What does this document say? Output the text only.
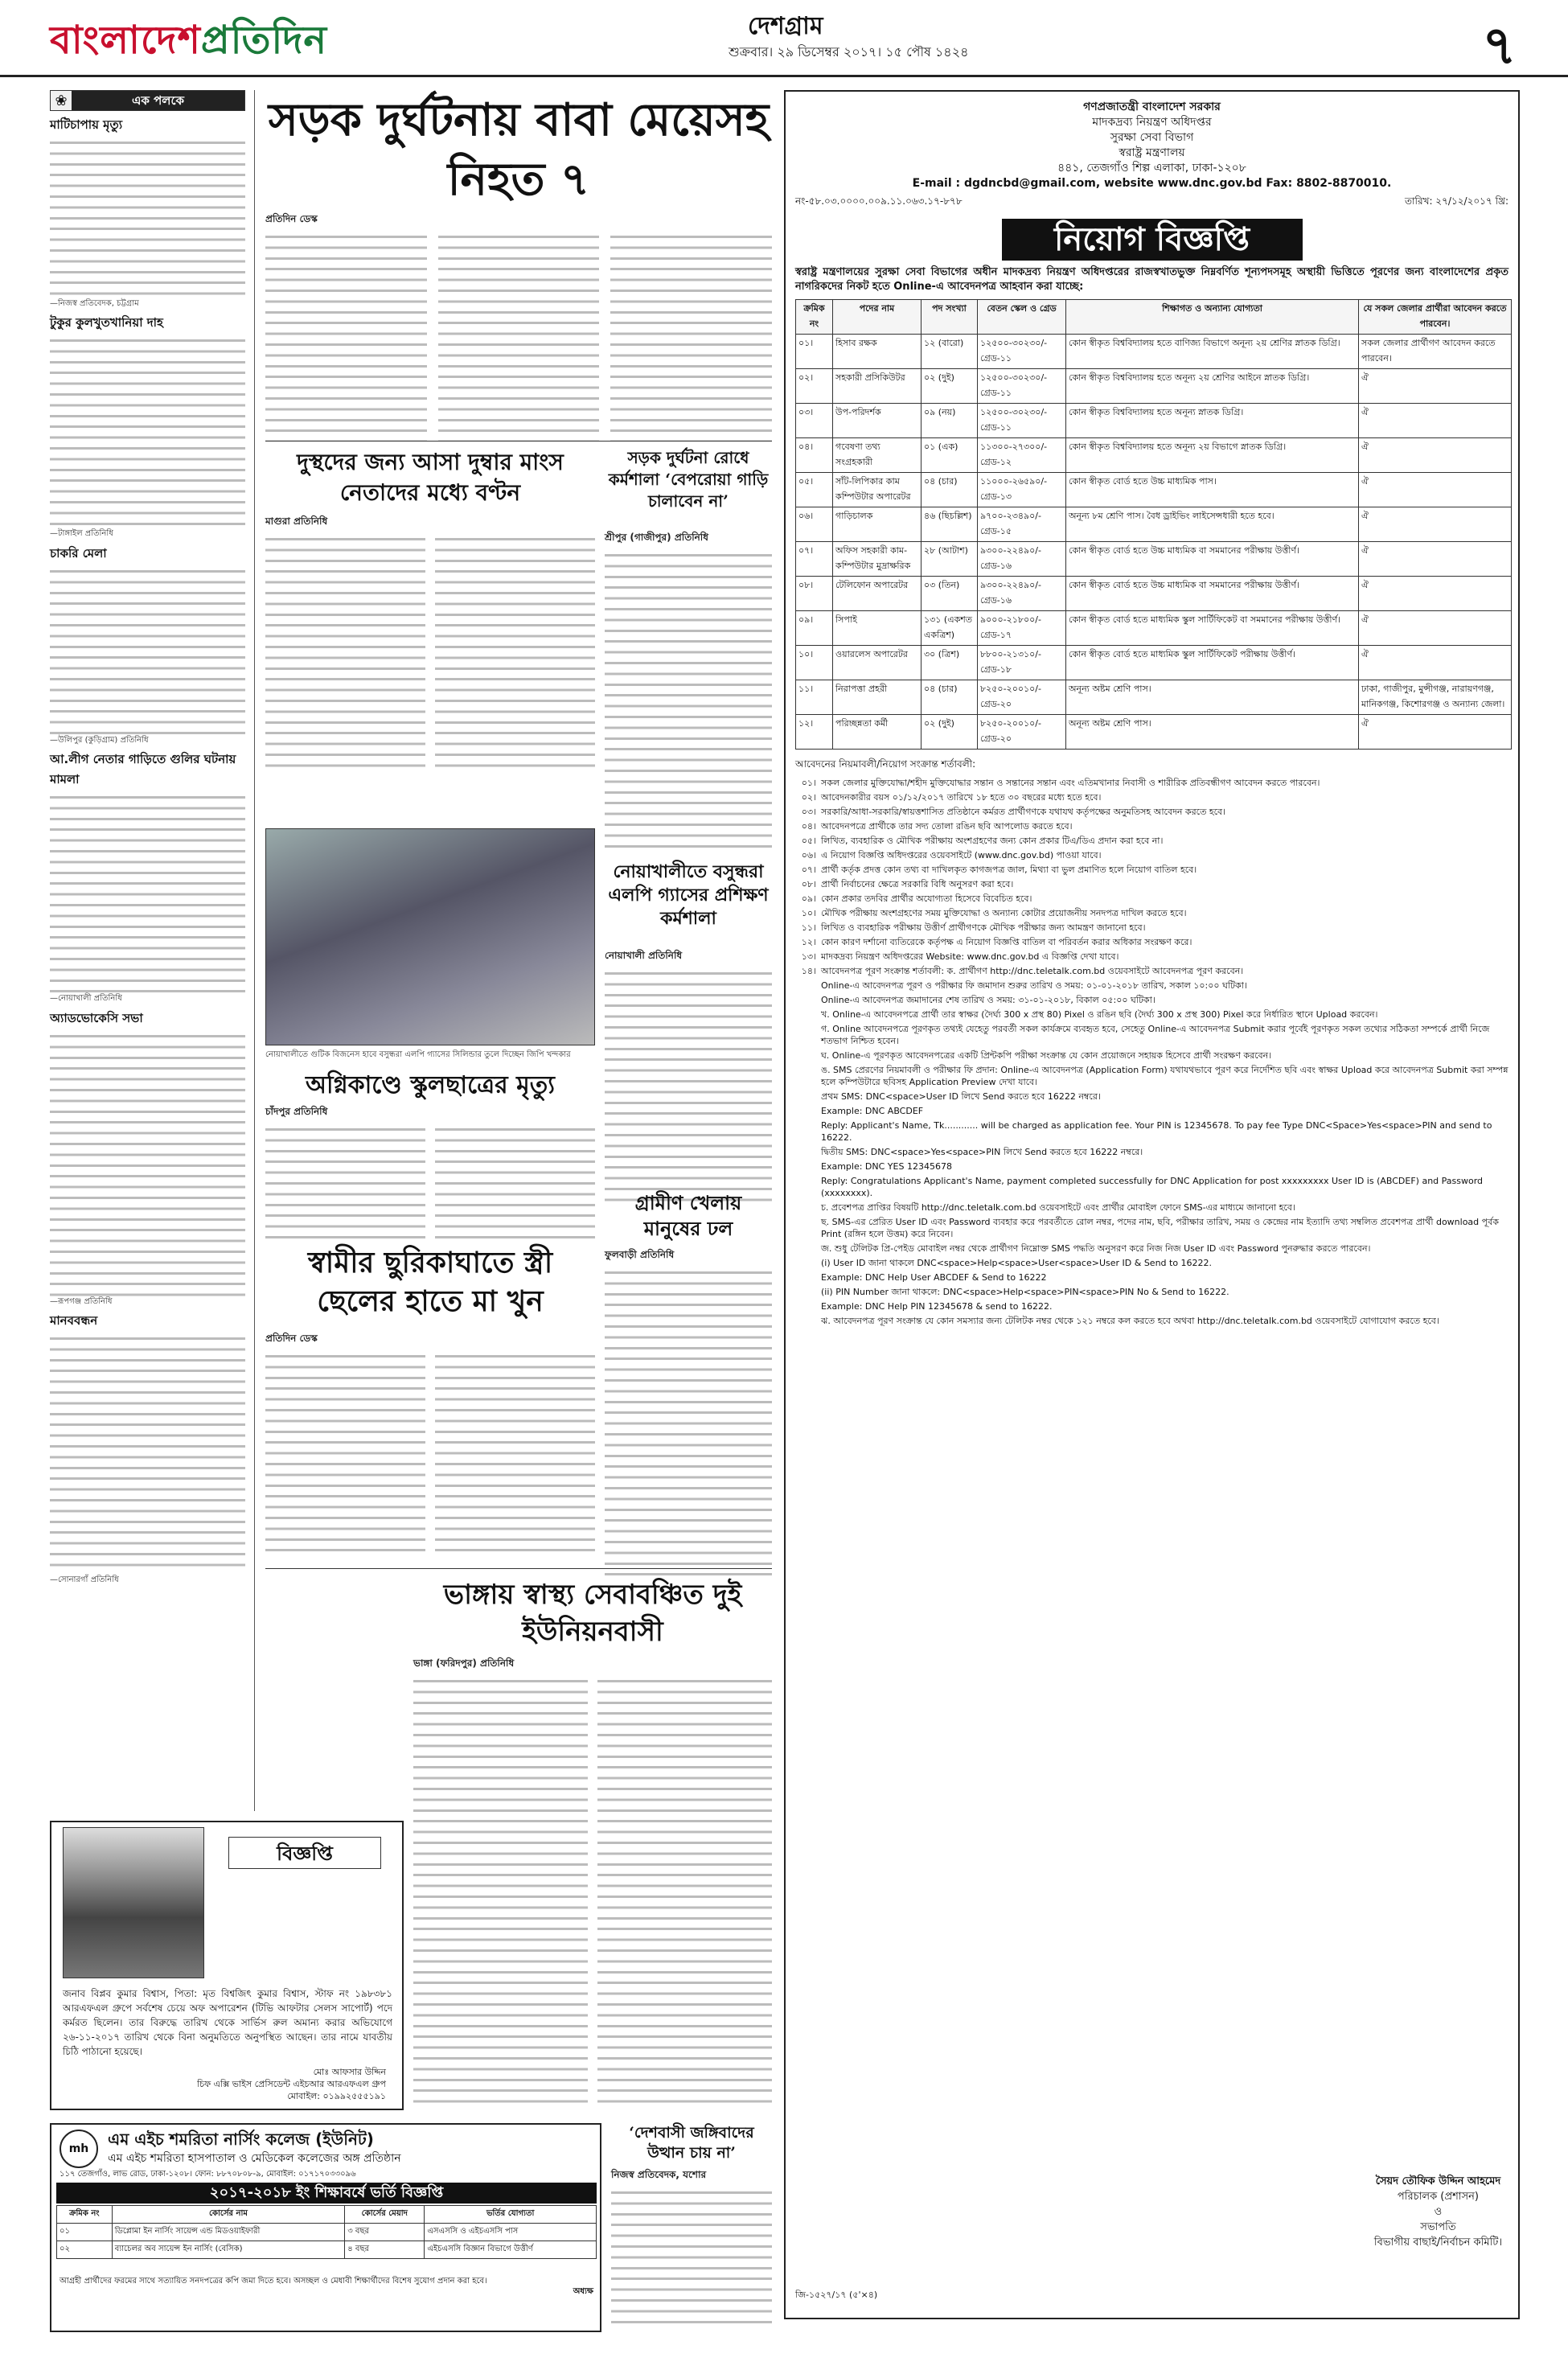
বাংলাদেশপ্রতিদিন	দেশগ্রাম
শুক্রবার। ২৯ ডিসেম্বর ২০১৭। ১৫ পৌষ ১৪২৪	৭
❀	এক পলকে
মাটিচাপায় মৃত্যু

—নিজস্ব প্রতিবেদক, চট্টগ্রাম

টুকুর কুলখুতখানিয়া দাহ

—টাঙ্গাইল প্রতিনিধি

চাকরি মেলা

—উলিপুর (কুড়িগ্রাম) প্রতিনিধি

আ.লীগ নেতার গাড়িতে গুলির ঘটনায় মামলা

—নোয়াখালী প্রতিনিধি

অ্যাডভোকেসি সভা

—রূপগঞ্জ প্রতিনিধি

মানববন্ধন

—সোনারগাঁ প্রতিনিধি

সড়ক দুর্ঘটনায় বাবা মেয়েসহ নিহত ৭
প্রতিদিন ডেস্ক
দুস্থদের জন্য আসা দুম্বার মাংস নেতাদের মধ্যে বণ্টন
মাগুরা প্রতিনিধি
সড়ক দুর্ঘটনা রোধে কর্মশালা ‘বেপরোয়া গাড়ি চালাবেন না’
শ্রীপুর (গাজীপুর) প্রতিনিধি
নোয়াখালীতে গুটিক বিজনেস হাবে বসুন্ধরা এলপি গ্যাসের সিলিন্ডার তুলে দিচ্ছেন জিপি খন্দকার
নোয়াখালীতে বসুন্ধরা এলপি গ্যাসের প্রশিক্ষণ কর্মশালা
নোয়াখালী প্রতিনিধি
অগ্নিকাণ্ডে স্কুলছাত্রের মৃত্যু
চাঁদপুর প্রতিনিধি
গ্রামীণ খেলায় মানুষের ঢল
ফুলবাড়ী প্রতিনিধি
স্বামীর ছুরিকাঘাতে স্ত্রী ছেলের হাতে মা খুন
প্রতিদিন ডেস্ক
ভাঙ্গায় স্বাস্থ্য সেবাবঞ্চিত দুই ইউনিয়নবাসী
ভাঙ্গা (ফরিদপুর) প্রতিনিধি
‘দেশবাসী জঙ্গিবাদের উত্থান চায় না’
নিজস্ব প্রতিবেদক, যশোর
বিজ্ঞপ্তি
জনাব বিপ্লব কুমার বিশ্বাস, পিতা: মৃত বিশ্বজিৎ কুমার বিশ্বাস, স্টাফ নং ১৯৮৩৮১ আরএফএল গ্রুপে সর্বশেষ চেয়ে অফ অপারেশন (টিভি আফটার সেলস সাপোর্ট) পদে কর্মরত ছিলেন। তার বিরুদ্ধে তারিখ থেকে সার্ভিস রুল অমান্য করার অভিযোগে ২৬-১১-২০১৭ তারিখ থেকে বিনা অনুমতিতে অনুপস্থিত আছেন। তার নামে যাবতীয় চিঠি পাঠানো হয়েছে।
মোঃ আফসার উদ্দিন
চিফ এক্সি ভাইস প্রেসিডেন্ট এইচআর আরএফএল গ্রুপ
মোবাইল: ০১৯৯২৫৫৫১৯১
mh	এম এইচ শমরিতা নার্সিং কলেজ (ইউনিট)
এম এইচ শমরিতা হাসপাতাল ও মেডিকেল কলেজের অঙ্গ প্রতিষ্ঠান
১১৭ তেজগাঁও, লাভ রোড, ঢাকা-১২০৮। ফোন: ৮৮৭০৮০৮-৯, মোবাইল: ০১৭১৭০৩৩০৯৬
২০১৭-২০১৮ ইং শিক্ষাবর্ষে ভর্তি বিজ্ঞপ্তি
ক্রমিক নং	কোর্সের নাম	কোর্সের মেয়াদ	ভর্তির যোগ্যতা
০১	ডিপ্লোমা ইন নার্সিং সায়েন্স এন্ড মিডওয়াইফারী	৩ বছর	এসএসসি ও এইচএসসি পাস
০২	ব্যাচেলর অব সায়েন্স ইন নার্সিং (বেসিক)	৪ বছর	এইচএসসি বিজ্ঞান বিভাগে উত্তীর্ণ
আগ্রহী প্রার্থীদের ফরমের সাথে সত্যায়িত সনদপত্রের কপি জমা দিতে হবে। অসচ্ছল ও মেধাবী শিক্ষার্থীদের বিশেষ সুযোগ প্রদান করা হবে।
অধ্যক্ষ
গণপ্রজাতন্ত্রী বাংলাদেশ সরকার
মাদকদ্রব্য নিয়ন্ত্রণ অধিদপ্তর
সুরক্ষা সেবা বিভাগ
স্বরাষ্ট্র মন্ত্রণালয়
৪৪১, তেজগাঁও শিল্প এলাকা, ঢাকা-১২০৮
E-mail : dgdncbd@gmail.com, website www.dnc.gov.bd Fax: 8802-8870010.
নং-৫৮.০৩.০০০০.০০৯.১১.০৬৩.১৭-৮৭৮	তারিখ: ২৭/১২/২০১৭ খ্রি:
নিয়োগ বিজ্ঞপ্তি
স্বরাষ্ট্র মন্ত্রণালয়ের সুরক্ষা সেবা বিভাগের অধীন মাদকদ্রব্য নিয়ন্ত্রণ অধিদপ্তরের রাজস্বখাতভুক্ত নিম্নবর্ণিত শূন্যপদসমূহ অস্থায়ী ভিত্তিতে পূরণের জন্য বাংলাদেশের প্রকৃত নাগরিকদের নিকট হতে Online-এ আবেদনপত্র আহবান করা যাচ্ছে:
ক্রমিক নং	পদের নাম	পদ সংখ্যা	বেতন স্কেল ও গ্রেড	শিক্ষাগত ও অন্যান্য যোগ্যতা	যে সকল জেলার প্রার্থীরা আবেদন করতে পারবেন।
০১।	হিসাব রক্ষক	১২ (বারো)	১২৫০০-৩০২৩০/- গ্রেড-১১	কোন স্বীকৃত বিশ্ববিদ্যালয় হতে বাণিজ্য বিভাগে অনূন্য ২য় শ্রেণির স্নাতক ডিগ্রি।	সকল জেলার প্রার্থীগণ আবেদন করতে পারবেন।
০২।	সহকারী প্রসিকিউটর	০২ (দুই)	১২৫০০-৩০২৩০/- গ্রেড-১১	কোন স্বীকৃত বিশ্ববিদ্যালয় হতে অনূন্য ২য় শ্রেণির আইনে স্নাতক ডিগ্রি।	ঐ
০৩।	উপ-পরিদর্শক	০৯ (নয়)	১২৫০০-৩০২৩০/- গ্রেড-১১	কোন স্বীকৃত বিশ্ববিদ্যালয় হতে অনূন্য স্নাতক ডিগ্রি।	ঐ
০৪।	গবেষণা তথ্য সংগ্রহকারী	০১ (এক)	১১৩০০-২৭৩০০/- গ্রেড-১২	কোন স্বীকৃত বিশ্ববিদ্যালয় হতে অনূন্য ২য় বিভাগে স্নাতক ডিগ্রি।	ঐ
০৫।	সাঁট-লিপিকার কাম কম্পিউটার অপারেটর	০৪ (চার)	১১০০০-২৬৫৯০/- গ্রেড-১৩	কোন স্বীকৃত বোর্ড হতে উচ্চ মাধ্যমিক পাস।	ঐ
০৬।	গাড়িচালক	৪৬ (ছিচল্লিশ)	৯৭০০-২৩৪৯০/- গ্রেড-১৫	অনূন্য ৮ম শ্রেণি পাস। বৈধ ড্রাইভিং লাইসেন্সধারী হতে হবে।	ঐ
০৭।	অফিস সহকারী কাম-কম্পিউটার মুদ্রাক্ষরিক	২৮ (আটাশ)	৯৩০০-২২৪৯০/- গ্রেড-১৬	কোন স্বীকৃত বোর্ড হতে উচ্চ মাধ্যমিক বা সমমানের পরীক্ষায় উত্তীর্ণ।	ঐ
০৮।	টেলিফোন অপারেটর	০৩ (তিন)	৯৩০০-২২৪৯০/- গ্রেড-১৬	কোন স্বীকৃত বোর্ড হতে উচ্চ মাধ্যমিক বা সমমানের পরীক্ষায় উত্তীর্ণ।	ঐ
০৯।	সিপাই	১৩১ (একশত একত্রিশ)	৯০০০-২১৮০০/- গ্রেড-১৭	কোন স্বীকৃত বোর্ড হতে মাধ্যমিক স্কুল সার্টিফিকেট বা সমমানের পরীক্ষায় উত্তীর্ণ।	ঐ
১০।	ওয়ারলেস অপারেটর	৩০ (ত্রিশ)	৮৮০০-২১৩১০/- গ্রেড-১৮	কোন স্বীকৃত বোর্ড হতে মাধ্যমিক স্কুল সার্টিফিকেট পরীক্ষায় উত্তীর্ণ।	ঐ
১১।	নিরাপত্তা প্রহরী	০৪ (চার)	৮২৫০-২০০১০/- গ্রেড-২০	অনূন্য অষ্টম শ্রেণি পাস।	ঢাকা, গাজীপুর, মুন্সীগঞ্জ, নারায়ণগঞ্জ, মানিকগঞ্জ, কিশোরগঞ্জ ও অন্যান্য জেলা।
১২।	পরিচ্ছন্নতা কর্মী	০২ (দুই)	৮২৫০-২০০১০/- গ্রেড-২০	অনূন্য অষ্টম শ্রেণি পাস।	ঐ
আবেদনের নিয়মাবলী/নিয়োগ সংক্রান্ত শর্তাবলী:
০১। সকল জেলার মুক্তিযোদ্ধা/শহীদ মুক্তিযোদ্ধার সন্তান ও সন্তানের সন্তান এবং এতিমখানার নিবাসী ও শারীরিক প্রতিবন্ধীগণ আবেদন করতে পারবেন।
০২। আবেদনকারীর বয়স ০১/১২/২০১৭ তারিখে ১৮ হতে ৩০ বছরের মধ্যে হতে হবে।
০৩। সরকারি/আধা-সরকারি/স্বায়ত্তশাসিত প্রতিষ্ঠানে কর্মরত প্রার্থীগণকে যথাযথ কর্তৃপক্ষের অনুমতিসহ আবেদন করতে হবে।
০৪। আবেদনপত্রে প্রার্থীকে তার সদ্য তোলা রঙিন ছবি আপলোড করতে হবে।
০৫। লিখিত, ব্যবহারিক ও মৌখিক পরীক্ষায় অংশগ্রহণের জন্য কোন প্রকার টিএ/ডিএ প্রদান করা হবে না।
০৬। এ নিয়োগ বিজ্ঞপ্তি অধিদপ্তরের ওয়েবসাইটে (www.dnc.gov.bd) পাওয়া যাবে।
০৭। প্রার্থী কর্তৃক প্রদত্ত কোন তথ্য বা দাখিলকৃত কাগজপত্র জাল, মিথ্যা বা ভুল প্রমাণিত হলে নিয়োগ বাতিল হবে।
০৮। প্রার্থী নির্বাচনের ক্ষেত্রে সরকারি বিধি অনুসরণ করা হবে।
০৯। কোন প্রকার তদবির প্রার্থীর অযোগ্যতা হিসেবে বিবেচিত হবে।
১০। মৌখিক পরীক্ষায় অংশগ্রহণের সময় মুক্তিযোদ্ধা ও অন্যান্য কোটার প্রয়োজনীয় সনদপত্র দাখিল করতে হবে।
১১। লিখিত ও ব্যবহারিক পরীক্ষায় উত্তীর্ণ প্রার্থীগণকে মৌখিক পরীক্ষার জন্য আমন্ত্রণ জানানো হবে।
১২। কোন কারণ দর্শানো ব্যতিরেকে কর্তৃপক্ষ এ নিয়োগ বিজ্ঞপ্তি বাতিল বা পরিবর্তন করার অধিকার সংরক্ষণ করে।
১৩। মাদকদ্রব্য নিয়ন্ত্রণ অধিদপ্তরের Website: www.dnc.gov.bd এ বিজ্ঞপ্তি দেখা যাবে।
১৪। আবেদনপত্র পূরণ সংক্রান্ত শর্তাবলী: ক. প্রার্থীগণ http://dnc.teletalk.com.bd ওয়েবসাইটে আবেদনপত্র পূরণ করবেন।
Online-এ আবেদনপত্র পূরণ ও পরীক্ষার ফি জমাদান শুরুর তারিখ ও সময়: ০১-০১-২০১৮ তারিখ, সকাল ১০:০০ ঘটিকা।
Online-এ আবেদনপত্র জমাদানের শেষ তারিখ ও সময়: ৩১-০১-২০১৮, বিকাল ০৫:০০ ঘটিকা।
খ. Online-এ আবেদনপত্রে প্রার্থী তার স্বাক্ষর (দৈর্ঘ্য 300 x প্রস্থ 80) Pixel ও রঙিন ছবি (দৈর্ঘ্য 300 x প্রস্থ 300) Pixel করে নির্ধারিত স্থানে Upload করবেন।
গ. Online আবেদনপত্রে পূরণকৃত তথ্যই যেহেতু পরবর্তী সকল কার্যক্রমে ব্যবহৃত হবে, সেহেতু Online-এ আবেদনপত্র Submit করার পূর্বেই পূরণকৃত সকল তথ্যের সঠিকতা সম্পর্কে প্রার্থী নিজে শতভাগ নিশ্চিত হবেন।
ঘ. Online-এ পূরণকৃত আবেদনপত্রের একটি প্রিন্টকপি পরীক্ষা সংক্রান্ত যে কোন প্রয়োজনে সহায়ক হিসেবে প্রার্থী সংরক্ষণ করবেন।
ঙ. SMS প্রেরণের নিয়মাবলী ও পরীক্ষার ফি প্রদান: Online-এ আবেদনপত্র (Application Form) যথাযথভাবে পূরণ করে নির্দেশিত ছবি এবং স্বাক্ষর Upload করে আবেদনপত্র Submit করা সম্পন্ন হলে কম্পিউটারে ছবিসহ Application Preview দেখা যাবে।
প্রথম SMS: DNC<space>User ID লিখে Send করতে হবে 16222 নম্বরে।
Example: DNC ABCDEF
Reply: Applicant's Name, Tk............ will be charged as application fee. Your PIN is 12345678. To pay fee Type DNC<Space>Yes<space>PIN and send to 16222.
দ্বিতীয় SMS: DNC<space>Yes<space>PIN লিখে Send করতে হবে 16222 নম্বরে।
Example: DNC YES 12345678
Reply: Congratulations Applicant's Name, payment completed successfully for DNC Application for post xxxxxxxxx User ID is (ABCDEF) and Password (xxxxxxxx).
চ. প্রবেশপত্র প্রাপ্তির বিষয়টি http://dnc.teletalk.com.bd ওয়েবসাইটে এবং প্রার্থীর মোবাইল ফোনে SMS-এর মাধ্যমে জানানো হবে।
ছ. SMS-এর প্রেরিত User ID এবং Password ব্যবহার করে পরবর্তীতে রোল নম্বর, পদের নাম, ছবি, পরীক্ষার তারিখ, সময় ও কেন্দ্রের নাম ইত্যাদি তথ্য সম্বলিত প্রবেশপত্র প্রার্থী download পূর্বক Print (রঙ্গিন হলে উত্তম) করে নিবেন।
জ. শুধু টেলিটক প্রি-পেইড মোবাইল নম্বর থেকে প্রার্থীগণ নিম্নোক্ত SMS পদ্ধতি অনুসরণ করে নিজ নিজ User ID এবং Password পুনরুদ্ধার করতে পারবেন।
(i) User ID জানা থাকলে DNC<space>Help<space>User<space>User ID & Send to 16222.
Example: DNC Help User ABCDEF & Send to 16222
(ii) PIN Number জানা থাকলে: DNC<space>Help<space>PIN<space>PIN No & Send to 16222.
Example: DNC Help PIN 12345678 & send to 16222.
ঝ. আবেদনপত্র পূরণ সংক্রান্ত যে কোন সমস্যার জন্য টেলিটক নম্বর থেকে ১২১ নম্বরে কল করতে হবে অথবা http://dnc.teletalk.com.bd ওয়েবসাইটে যোগাযোগ করতে হবে।
সৈয়দ তৌফিক উদ্দিন আহমেদ
পরিচালক (প্রশাসন)
ও
সভাপতি
বিভাগীয় বাছাই/নির্বাচন কমিটি।
জি-১৫২৭/১৭ (৫'×৪)
